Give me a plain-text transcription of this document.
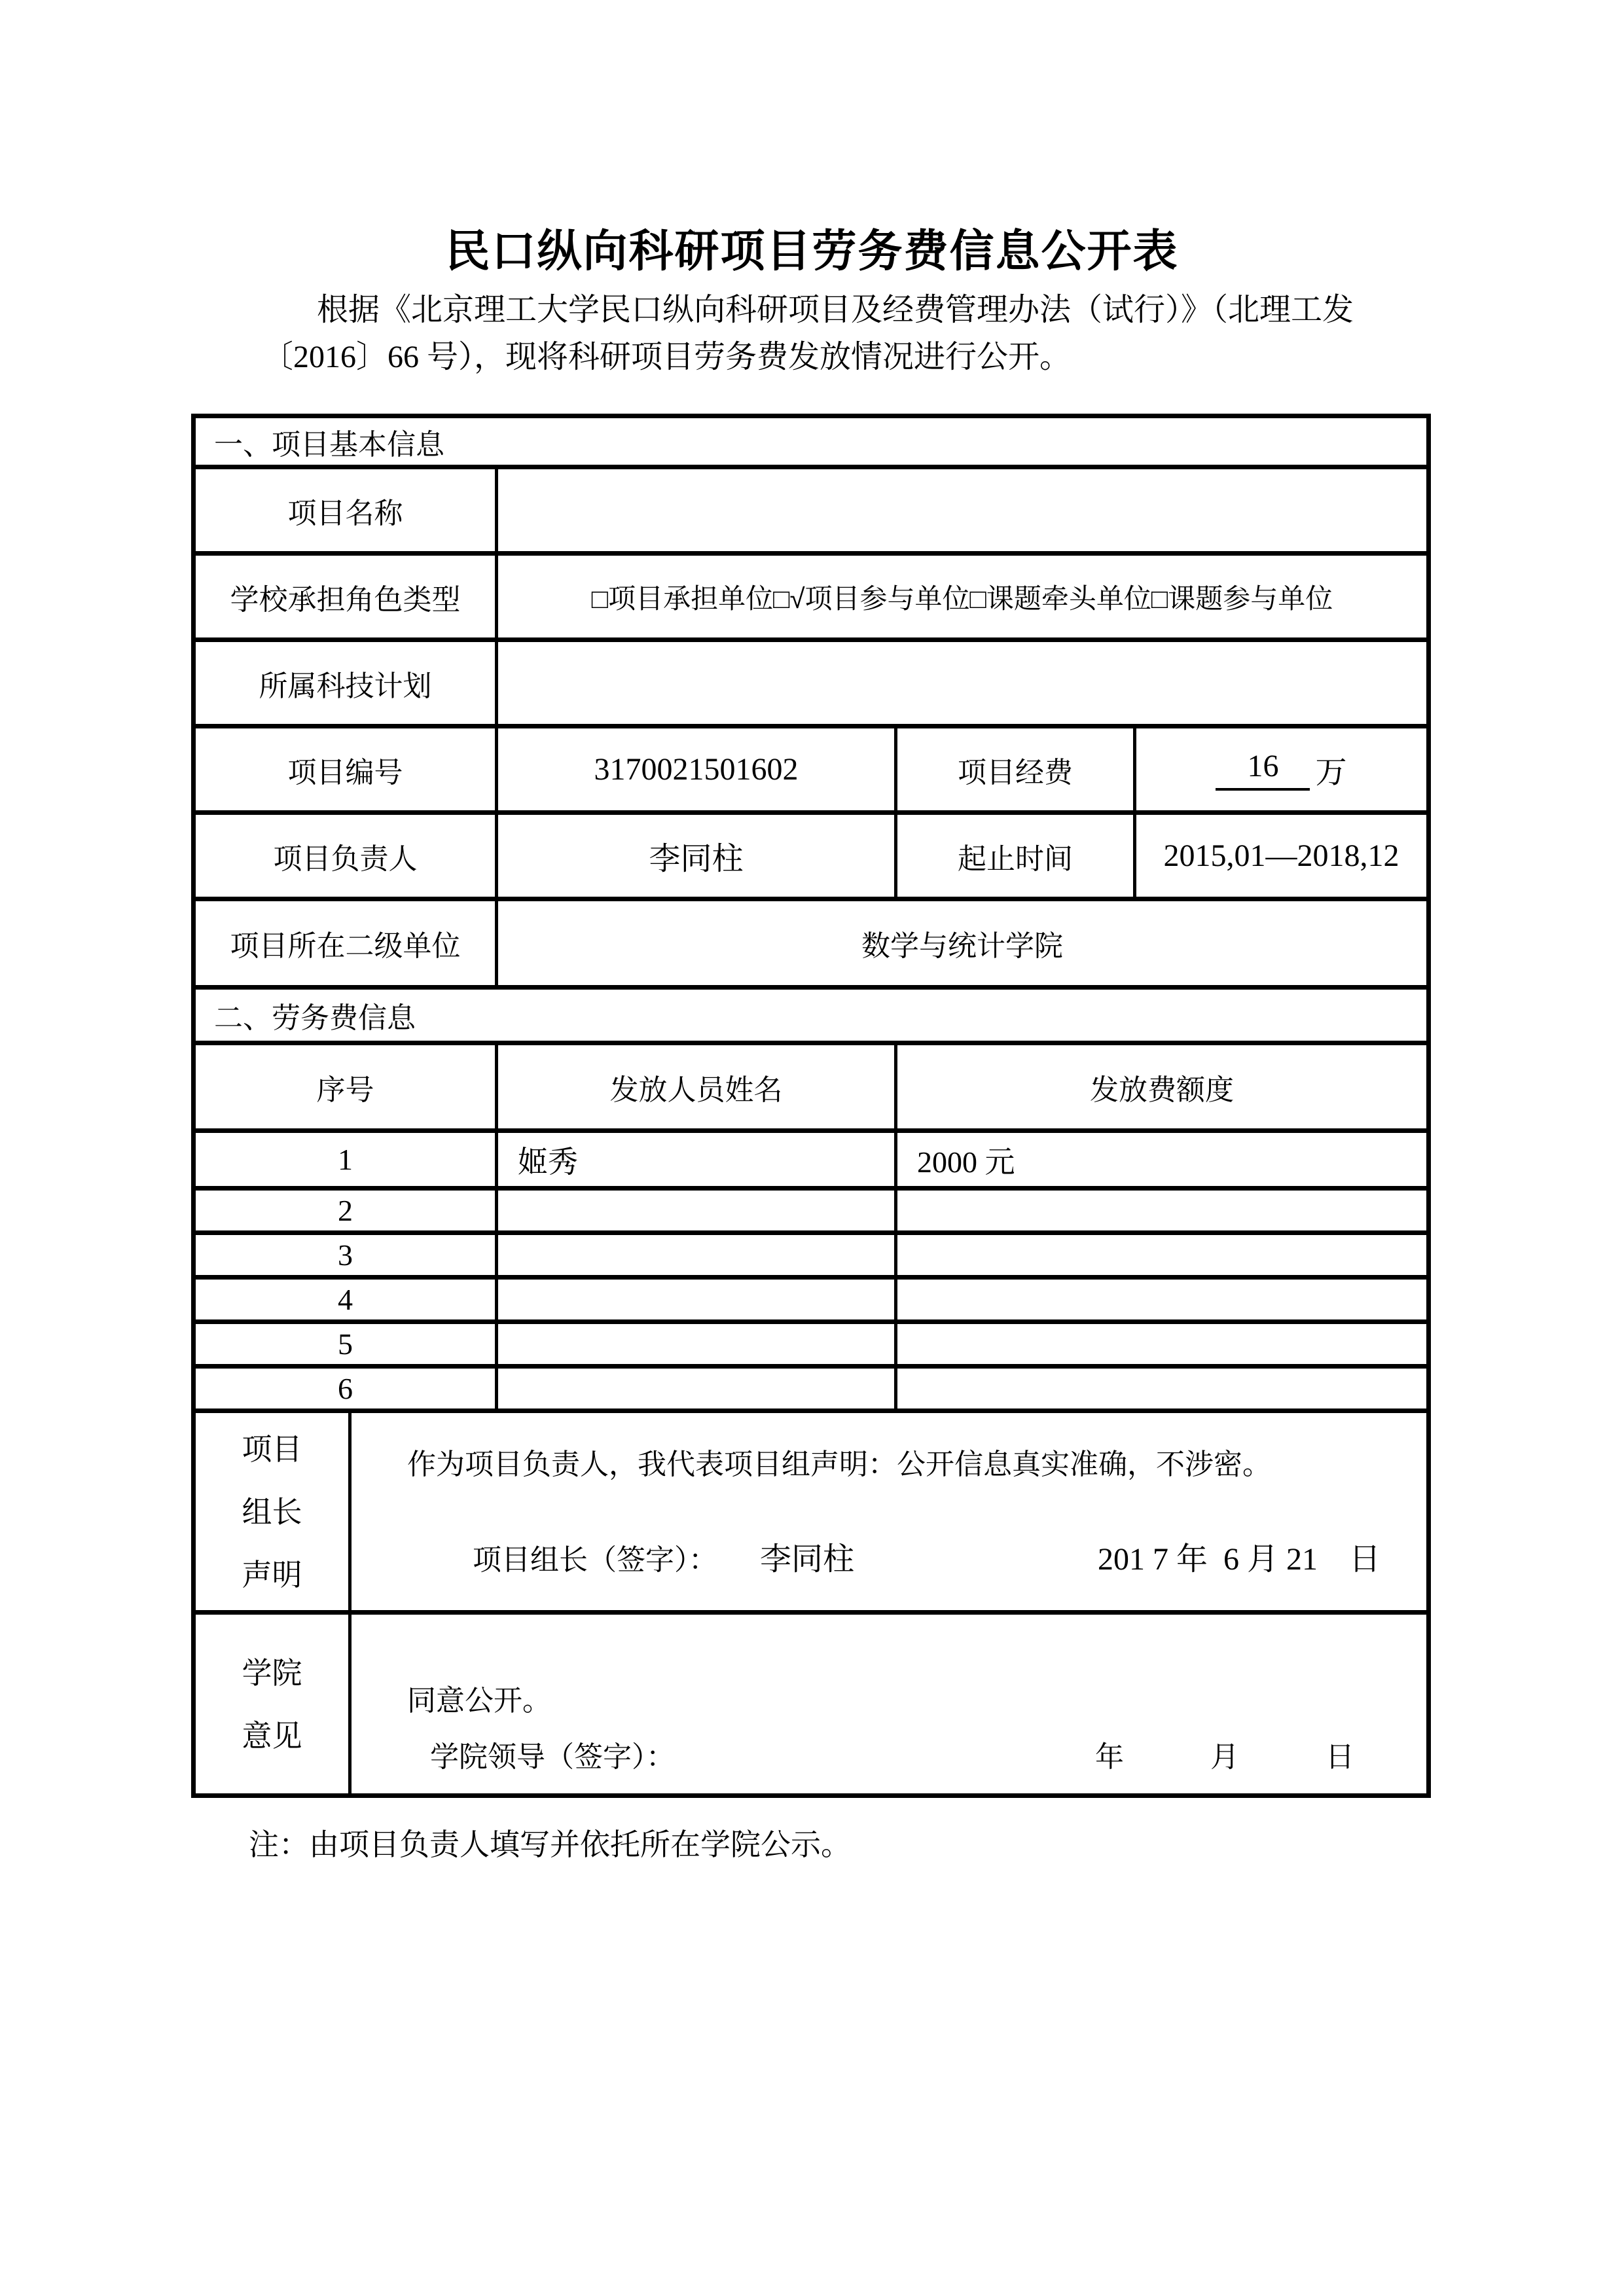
民口纵向科研项目劳务费信息公开表
根据《北京理工大学民口纵向科研项目及经费管理办法（试行）》（北理工发
〔2016〕66 号），现将科研项目劳务费发放情况进行公开。
一、项目基本信息
项目名称
学校承担角色类型	□项目承担单位□√项目参与单位□课题牵头单位□课题参与单位
所属科技计划
项目编号	3170021501602	项目经费	16	万
项目负责人	李同柱	起止时间	2015,01—2018,12
项目所在二级单位	数学与统计学院
二、劳务费信息
序号	发放人员姓名	发放费额度
1	姬秀	2000 元
2
3
4
5
6
项目
组长
声明
作为项目负责人，我代表项目组声明：公开信息真实准确，不涉密。
项目组长（签字）： 李同柱	201 7 年  6 月 21    日
学院
意见
同意公开。
学院领导（签字）：	年　　　月　　　日
注：由项目负责人填写并依托所在学院公示。
